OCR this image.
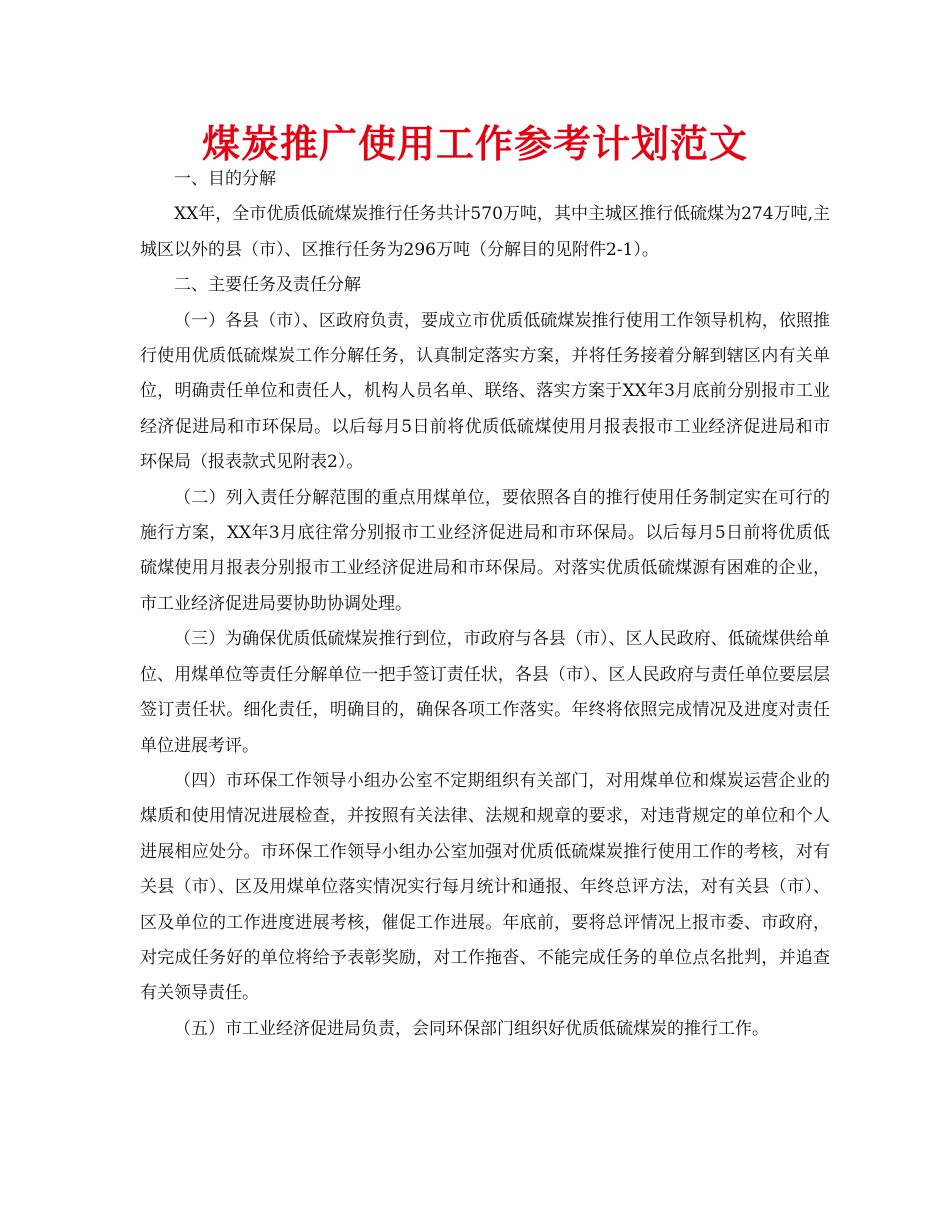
煤炭推广使用工作参考计划范文

一、目的分解

XX年，全市优质低硫煤炭推行任务共计570万吨，其中主城区推行低硫煤为274万吨,主城区以外的县（市）、区推行任务为296万吨（分解目的见附件2-1）。

二、主要任务及责任分解

（一）各县（市）、区政府负责，要成立市优质低硫煤炭推行使用工作领导机构，依照推行使用优质低硫煤炭工作分解任务，认真制定落实方案，并将任务接着分解到辖区内有关单位，明确责任单位和责任人，机构人员名单、联络、落实方案于XX年3月底前分别报市工业经济促进局和市环保局。以后每月5日前将优质低硫煤使用月报表报市工业经济促进局和市环保局（报表款式见附表2）。

（二）列入责任分解范围的重点用煤单位，要依照各自的推行使用任务制定实在可行的施行方案，XX年3月底往常分别报市工业经济促进局和市环保局。以后每月5日前将优质低硫煤使用月报表分别报市工业经济促进局和市环保局。对落实优质低硫煤源有困难的企业，市工业经济促进局要协助协调处理。

（三）为确保优质低硫煤炭推行到位，市政府与各县（市）、区人民政府、低硫煤供给单位、用煤单位等责任分解单位一把手签订责任状，各县（市）、区人民政府与责任单位要层层签订责任状。细化责任，明确目的，确保各项工作落实。年终将依照完成情况及进度对责任单位进展考评。

（四）市环保工作领导小组办公室不定期组织有关部门，对用煤单位和煤炭运营企业的煤质和使用情况进展检查，并按照有关法律、法规和规章的要求，对违背规定的单位和个人进展相应处分。市环保工作领导小组办公室加强对优质低硫煤炭推行使用工作的考核，对有关县（市）、区及用煤单位落实情况实行每月统计和通报、年终总评方法，对有关县（市）、区及单位的工作进度进展考核，催促工作进展。年底前，要将总评情况上报市委、市政府，对完成任务好的单位将给予表彰奖励，对工作拖沓、不能完成任务的单位点名批判，并追查有关领导责任。

（五）市工业经济促进局负责，会同环保部门组织好优质低硫煤炭的推行工作。
